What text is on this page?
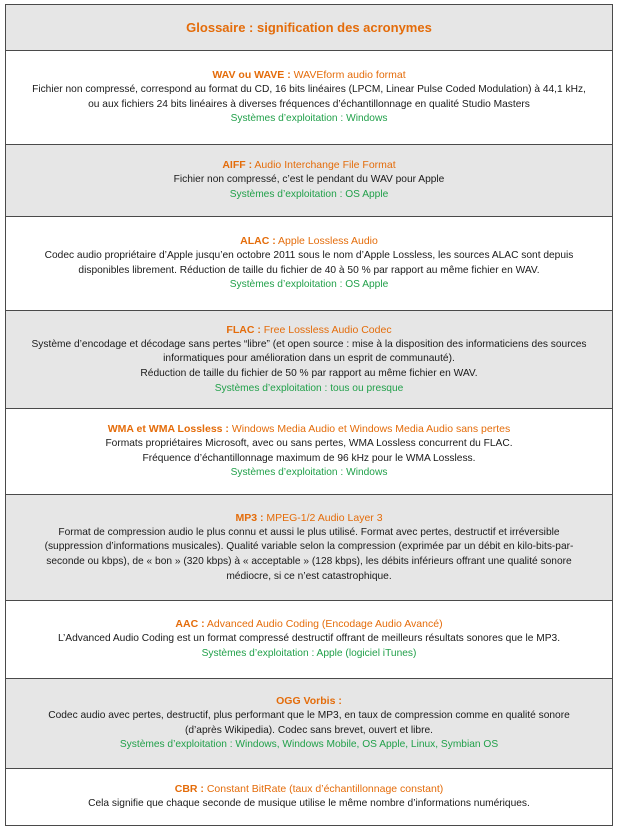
Glossaire : signification des acronymes
WAV ou WAVE : WAVEform audio format
Fichier non compressé, correspond au format du CD, 16 bits linéaires (LPCM, Linear Pulse Coded Modulation) à 44,1 kHz,
ou aux fichiers 24 bits linéaires à diverses fréquences d’échantillonnage en qualité Studio Masters
Systèmes d’exploitation : Windows
AIFF : Audio Interchange File Format
Fichier non compressé, c’est le pendant du WAV pour Apple
Systèmes d’exploitation : OS Apple
ALAC : Apple Lossless Audio
Codec audio propriétaire d’Apple jusqu’en octobre 2011 sous le nom d’Apple Lossless, les sources ALAC sont depuis
disponibles librement. Réduction de taille du fichier de 40 à 50 % par rapport au même fichier en WAV.
Systèmes d’exploitation : OS Apple
FLAC : Free Lossless Audio Codec
Système d’encodage et décodage sans pertes “libre” (et open source : mise à la disposition des informaticiens des sources
informatiques pour amélioration dans un esprit de communauté).
Réduction de taille du fichier de 50 % par rapport au même fichier en WAV.
Systèmes d’exploitation : tous ou presque
WMA et WMA Lossless : Windows Media Audio et Windows Media Audio sans pertes
Formats propriétaires Microsoft, avec ou sans pertes, WMA Lossless concurrent du FLAC.
Fréquence d’échantillonnage maximum de 96 kHz pour le WMA Lossless.
Systèmes d’exploitation : Windows
MP3 : MPEG-1/2 Audio Layer 3
Format de compression audio le plus connu et aussi le plus utilisé. Format avec pertes, destructif et irréversible
(suppression d’informations musicales). Qualité variable selon la compression (exprimée par un débit en kilo-bits-par-
seconde ou kbps), de « bon » (320 kbps) à « acceptable » (128 kbps), les débits inférieurs offrant une qualité sonore
médiocre, si ce n’est catastrophique.
AAC : Advanced Audio Coding (Encodage Audio Avancé)
L’Advanced Audio Coding est un format compressé destructif offrant de meilleurs résultats sonores que le MP3.
Systèmes d’exploitation : Apple (logiciel iTunes)
OGG Vorbis :
Codec audio avec pertes, destructif, plus performant que le MP3, en taux de compression comme en qualité sonore
(d’après Wikipedia). Codec sans brevet, ouvert et libre.
Systèmes d’exploitation : Windows, Windows Mobile, OS Apple, Linux, Symbian OS
CBR : Constant BitRate (taux d’échantillonnage constant)
Cela signifie que chaque seconde de musique utilise le même nombre d’informations numériques.
